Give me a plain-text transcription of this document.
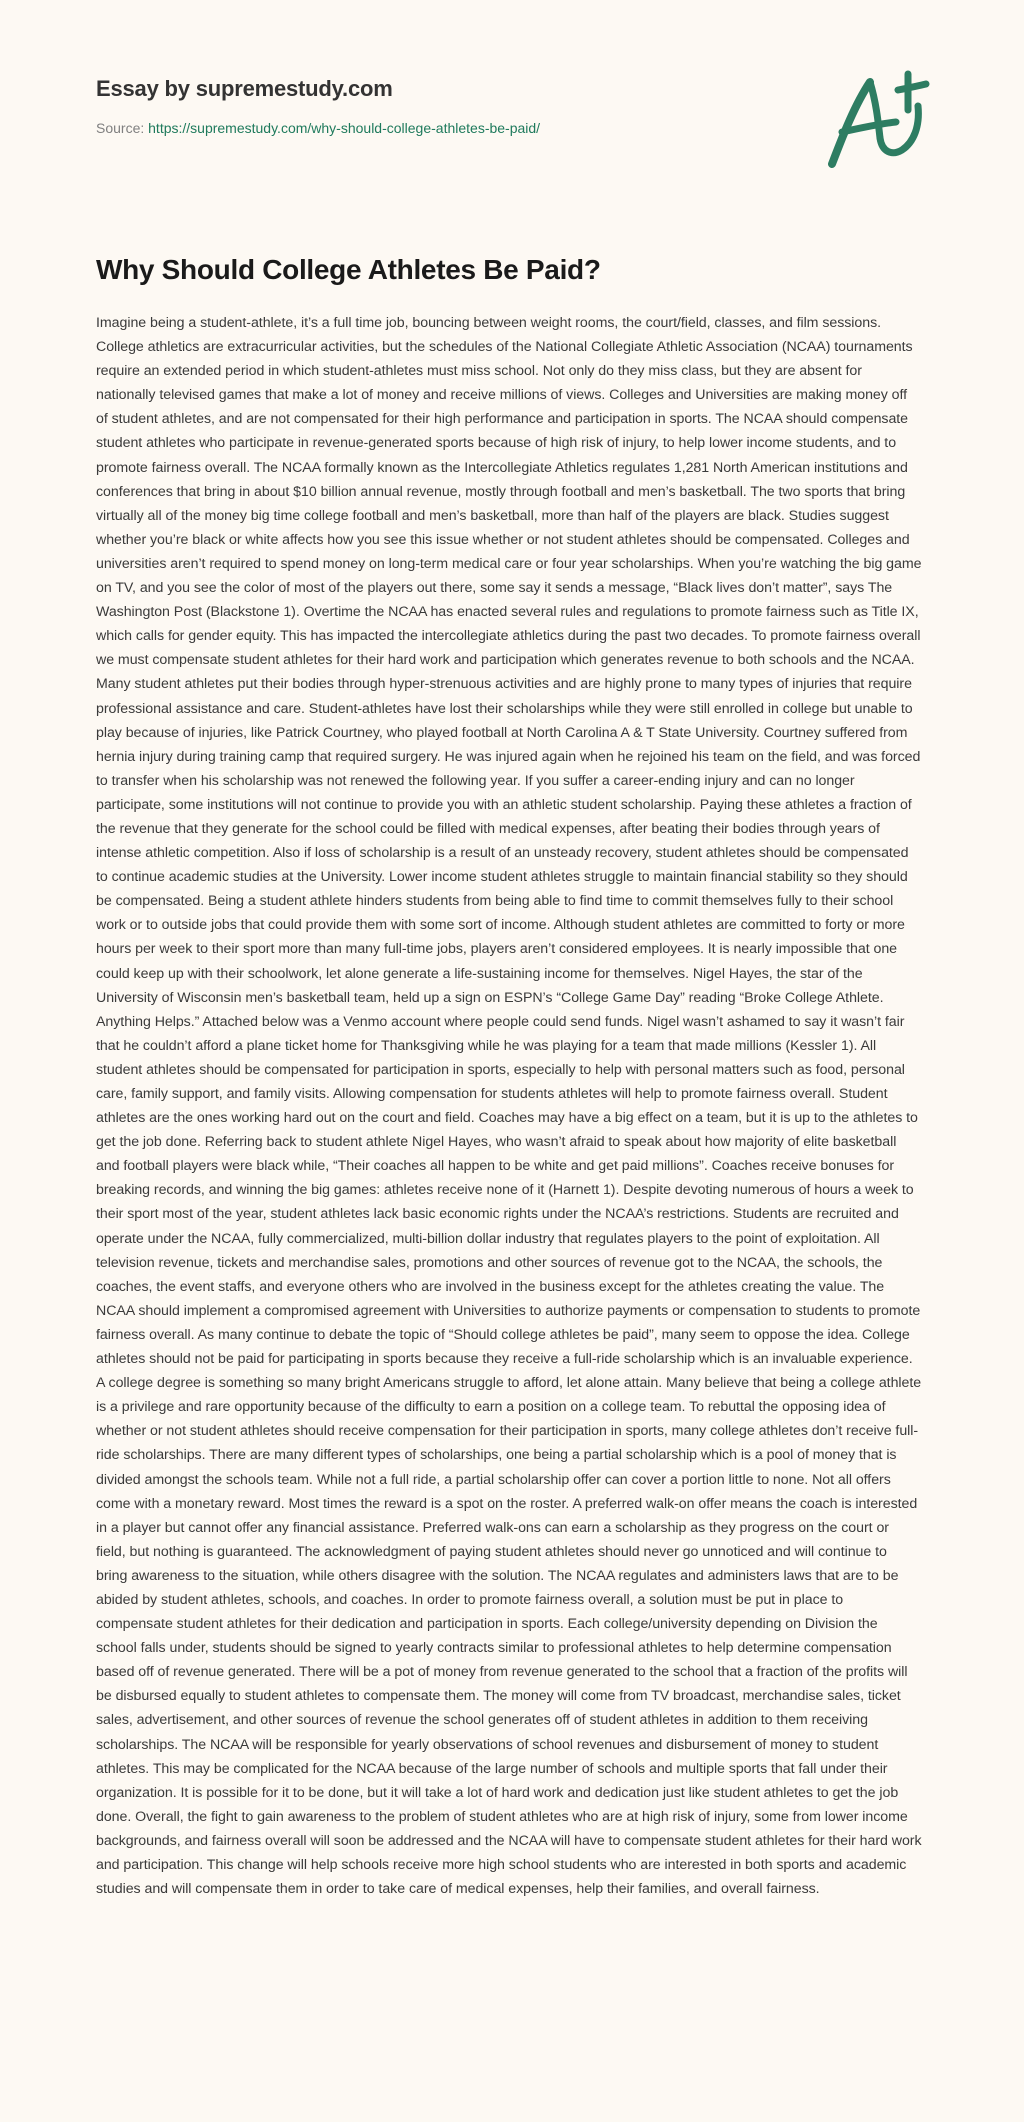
Essay by supremestudy.com
Source: https://supremestudy.com/why-should-college-athletes-be-paid/
Why Should College Athletes Be Paid?

Imagine being a student-athlete, it’s a full time job, bouncing between weight rooms, the court/field, classes, and film sessions. College athletics are extracurricular activities, but the schedules of the National Collegiate Athletic Association (NCAA) tournaments require an extended period in which student-athletes must miss school. Not only do they miss class, but they are absent for nationally televised games that make a lot of money and receive millions of views. Colleges and Universities are making money off of student athletes, and are not compensated for their high performance and participation in sports. The NCAA should compensate student athletes who participate in revenue-generated sports because of high risk of injury, to help lower income students, and to promote fairness overall. The NCAA formally known as the Intercollegiate Athletics regulates 1,281 North American institutions and conferences that bring in about $10 billion annual revenue, mostly through football and men’s basketball. The two sports that bring virtually all of the money big time college football and men’s basketball, more than half of the players are black. Studies suggest whether you’re black or white affects how you see this issue whether or not student athletes should be compensated. Colleges and universities aren’t required to spend money on long-term medical care or four year scholarships. When you’re watching the big game on TV, and you see the color of most of the players out there, some say it sends a message, “Black lives don’t matter”, says The Washington Post (Blackstone 1). Overtime the NCAA has enacted several rules and regulations to promote fairness such as Title IX, which calls for gender equity. This has impacted the intercollegiate athletics during the past two decades. To promote fairness overall we must compensate student athletes for their hard work and participation which generates revenue to both schools and the NCAA. Many student athletes put their bodies through hyper-strenuous activities and are highly prone to many types of injuries that require professional assistance and care. Student-athletes have lost their scholarships while they were still enrolled in college but unable to play because of injuries, like Patrick Courtney, who played football at North Carolina A & T State University. Courtney suffered from hernia injury during training camp that required surgery. He was injured again when he rejoined his team on the field, and was forced to transfer when his scholarship was not renewed the following year. If you suffer a career-ending injury and can no longer participate, some institutions will not continue to provide you with an athletic student scholarship. Paying these athletes a fraction of the revenue that they generate for the school could be filled with medical expenses, after beating their bodies through years of intense athletic competition. Also if loss of scholarship is a result of an unsteady recovery, student athletes should be compensated to continue academic studies at the University. Lower income student athletes struggle to maintain financial stability so they should be compensated. Being a student athlete hinders students from being able to find time to commit themselves fully to their school work or to outside jobs that could provide them with some sort of income. Although student athletes are committed to forty or more hours per week to their sport more than many full-time jobs, players aren’t considered employees. It is nearly impossible that one could keep up with their schoolwork, let alone generate a life-sustaining income for themselves. Nigel Hayes, the star of the University of Wisconsin men’s basketball team, held up a sign on ESPN’s “College Game Day” reading “Broke College Athlete. Anything Helps.” Attached below was a Venmo account where people could send funds. Nigel wasn’t ashamed to say it wasn’t fair that he couldn’t afford a plane ticket home for Thanksgiving while he was playing for a team that made millions (Kessler 1). All student athletes should be compensated for participation in sports, especially to help with personal matters such as food, personal care, family support, and family visits. Allowing compensation for students athletes will help to promote fairness overall. Student athletes are the ones working hard out on the court and field. Coaches may have a big effect on a team, but it is up to the athletes to get the job done. Referring back to student athlete Nigel Hayes, who wasn’t afraid to speak about how majority of elite basketball and football players were black while, “Their coaches all happen to be white and get paid millions”. Coaches receive bonuses for breaking records, and winning the big games: athletes receive none of it (Harnett 1). Despite devoting numerous of hours a week to their sport most of the year, student athletes lack basic economic rights under the NCAA’s restrictions. Students are recruited and operate under the NCAA, fully commercialized, multi-billion dollar industry that regulates players to the point of exploitation. All television revenue, tickets and merchandise sales, promotions and other sources of revenue got to the NCAA, the schools, the coaches, the event staffs, and everyone others who are involved in the business except for the athletes creating the value. The NCAA should implement a compromised agreement with Universities to authorize payments or compensation to students to promote fairness overall. As many continue to debate the topic of “Should college athletes be paid”, many seem to oppose the idea. College athletes should not be paid for participating in sports because they receive a full-ride scholarship which is an invaluable experience. A college degree is something so many bright Americans struggle to afford, let alone attain. Many believe that being a college athlete is a privilege and rare opportunity because of the difficulty to earn a position on a college team. To rebuttal the opposing idea of whether or not student athletes should receive compensation for their participation in sports, many college athletes don’t receive full-ride scholarships. There are many different types of scholarships, one being a partial scholarship which is a pool of money that is divided amongst the schools team. While not a full ride, a partial scholarship offer can cover a portion little to none. Not all offers come with a monetary reward. Most times the reward is a spot on the roster. A preferred walk-on offer means the coach is interested in a player but cannot offer any financial assistance. Preferred walk-ons can earn a scholarship as they progress on the court or field, but nothing is guaranteed. The acknowledgment of paying student athletes should never go unnoticed and will continue to bring awareness to the situation, while others disagree with the solution. The NCAA regulates and administers laws that are to be abided by student athletes, schools, and coaches. In order to promote fairness overall, a solution must be put in place to compensate student athletes for their dedication and participation in sports. Each college/university depending on Division the school falls under, students should be signed to yearly contracts similar to professional athletes to help determine compensation based off of revenue generated. There will be a pot of money from revenue generated to the school that a fraction of the profits will be disbursed equally to student athletes to compensate them. The money will come from TV broadcast, merchandise sales, ticket sales, advertisement, and other sources of revenue the school generates off of student athletes in addition to them receiving scholarships. The NCAA will be responsible for yearly observations of school revenues and disbursement of money to student athletes. This may be complicated for the NCAA because of the large number of schools and multiple sports that fall under their organization. It is possible for it to be done, but it will take a lot of hard work and dedication just like student athletes to get the job done. Overall, the fight to gain awareness to the problem of student athletes who are at high risk of injury, some from lower income backgrounds, and fairness overall will soon be addressed and the NCAA will have to compensate student athletes for their hard work and participation. This change will help schools receive more high school students who are interested in both sports and academic studies and will compensate them in order to take care of medical expenses, help their families, and overall fairness.
